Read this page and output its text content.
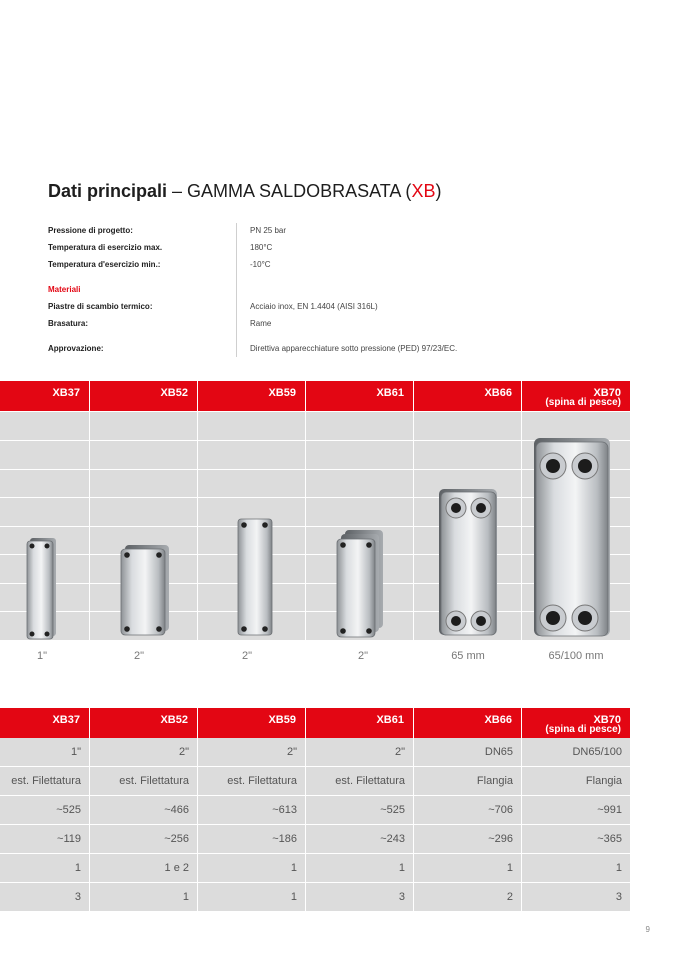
Dati principali – GAMMA SALDOBRASATA (XB)
Pressione di progetto:	PN 25 bar
Temperatura di esercizio max.	180°C
Temperatura d'esercizio min.:	-10°C
Materiali
Piastre di scambio termico:	Acciaio inox, EN 1.4404 (AISI 316L)
Brasatura:	Rame
Approvazione:	Direttiva apparecchiature sotto pressione (PED) 97/23/EC.
XB37	XB52	XB59	XB61	XB66	XB70
(spina di pesce)
1"	2"	2"	2"	65 mm	65/100 mm
XB37	XB52	XB59	XB61	XB66	XB70
(spina di pesce)
1"	2"	2"	2"	DN65	DN65/100
est. Filettatura	est. Filettatura	est. Filettatura	est. Filettatura	Flangia	Flangia
~525	~466	~613	~525	~706	~991
~119	~256	~186	~243	~296	~365
1	1 e 2	1	1	1	1
3	1	1	3	2	3
9
